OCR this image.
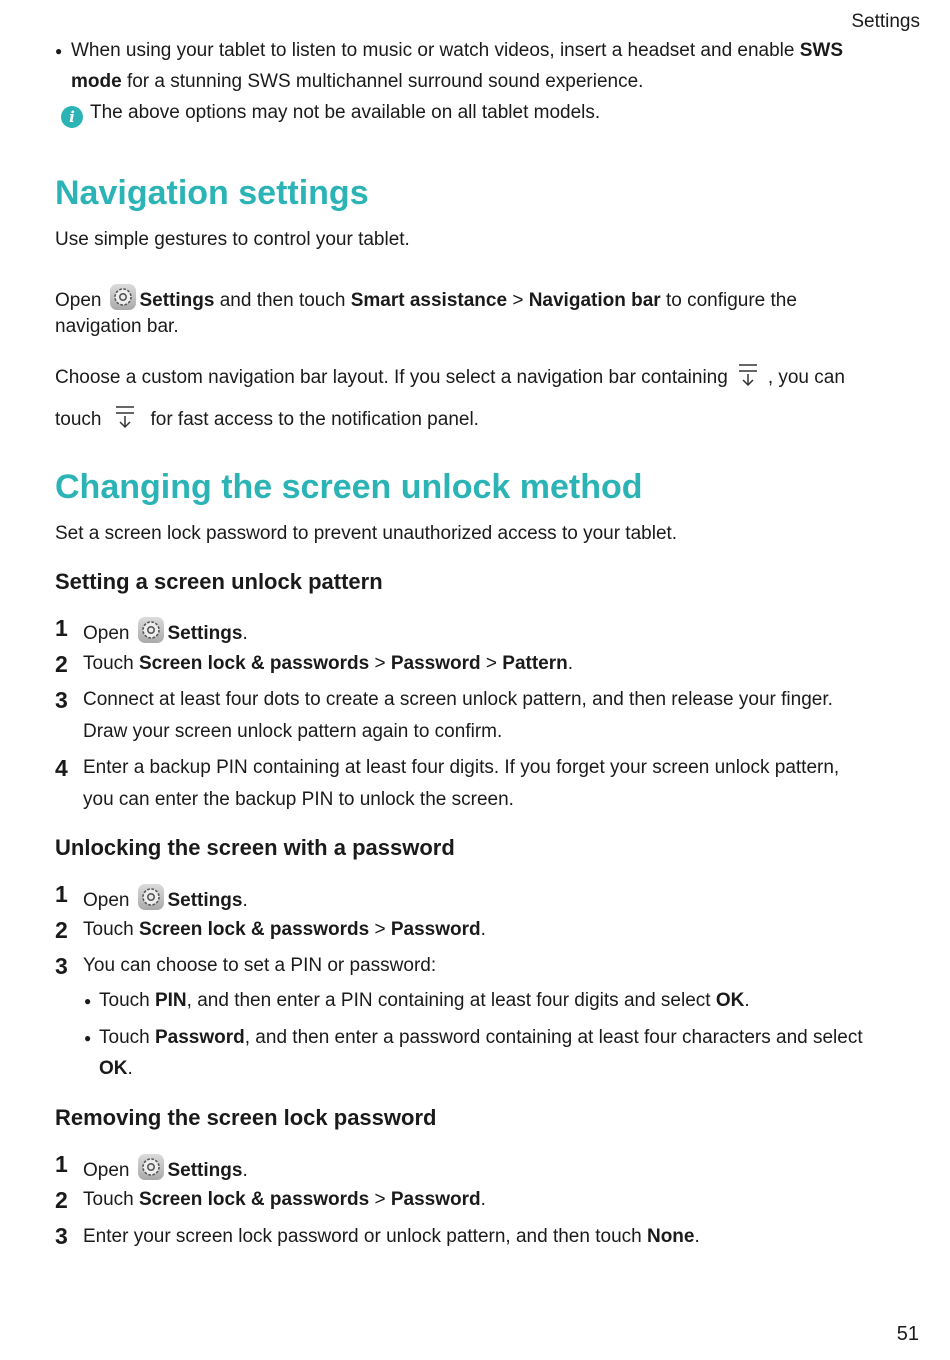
Settings
● When using your tablet to listen to music or watch videos, insert a headset and enable SWS
mode for a stunning SWS multichannel surround sound experience.
i The above options may not be available on all tablet models.
Navigation settings
Use simple gestures to control your tablet.
Open Settings and then touch Smart assistance > Navigation bar to configure the
navigation bar.
Choose a custom navigation bar layout. If you select a navigation bar containing , you can
touch	for fast access to the notification panel.
Changing the screen unlock method
Set a screen lock password to prevent unauthorized access to your tablet.
Setting a screen unlock pattern
1 Open Settings.
2 Touch Screen lock & passwords > Password > Pattern.
3 Connect at least four dots to create a screen unlock pattern, and then release your finger.
Draw your screen unlock pattern again to confirm.
4 Enter a backup PIN containing at least four digits. If you forget your screen unlock pattern,
you can enter the backup PIN to unlock the screen.
Unlocking the screen with a password
1 Open Settings.
2 Touch Screen lock & passwords > Password.
3 You can choose to set a PIN or password:
● Touch PIN, and then enter a PIN containing at least four digits and select OK.
● Touch Password, and then enter a password containing at least four characters and select
OK.
Removing the screen lock password
1 Open Settings.
2 Touch Screen lock & passwords > Password.
3 Enter your screen lock password or unlock pattern, and then touch None.
51
